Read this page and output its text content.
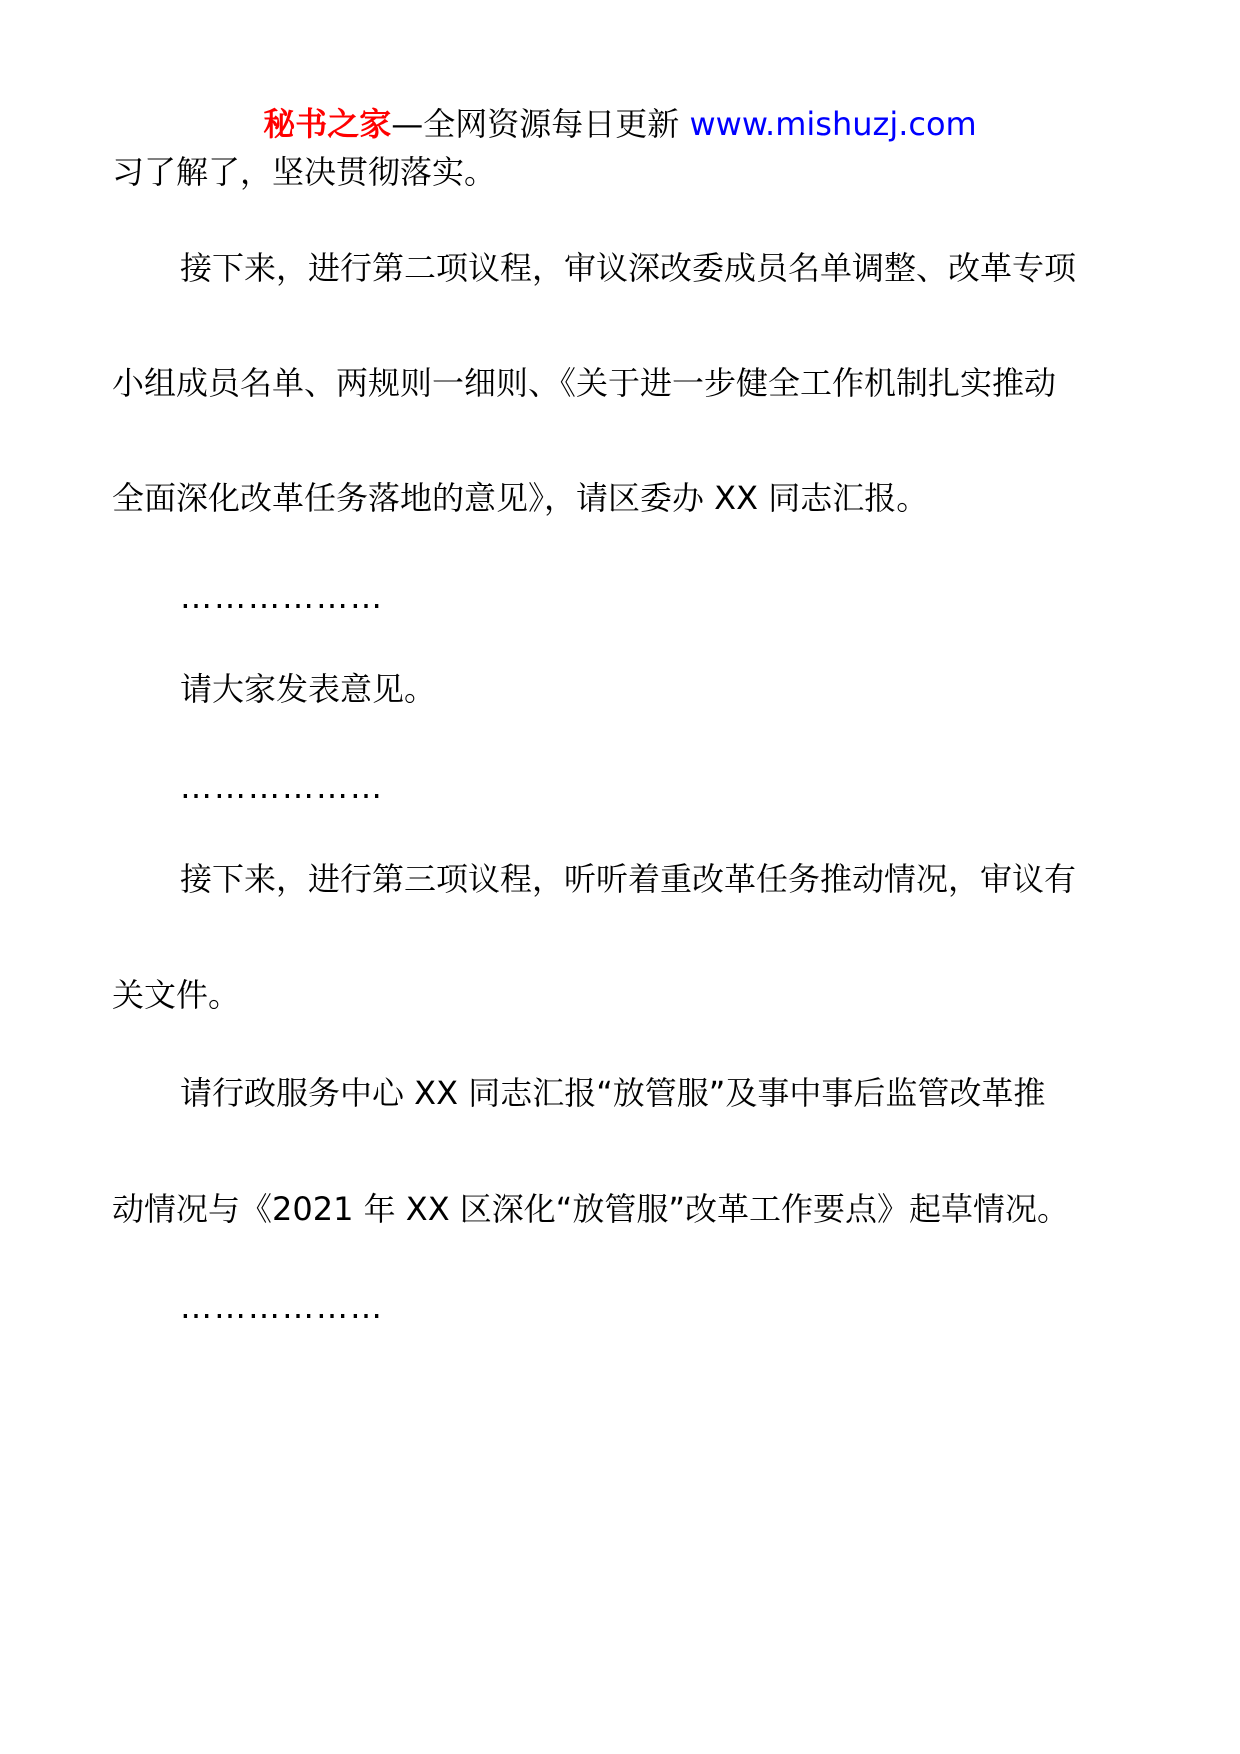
秘书之家—全网资源每日更新 www.mishuzj.com
习了解了，坚决贯彻落实。
接下来，进行第二项议程，审议深改委成员名单调整、改革专项
小组成员名单、两规则一细则、《关于进一步健全工作机制扎实推动
全面深化改革任务落地的意见》，请区委办 XX 同志汇报。
………………
请大家发表意见。
………………
接下来，进行第三项议程，听听着重改革任务推动情况，审议有
关文件。
请行政服务中心 XX 同志汇报“放管服”及事中事后监管改革推
动情况与《2021 年 XX 区深化“放管服”改革工作要点》起草情况。
………………
